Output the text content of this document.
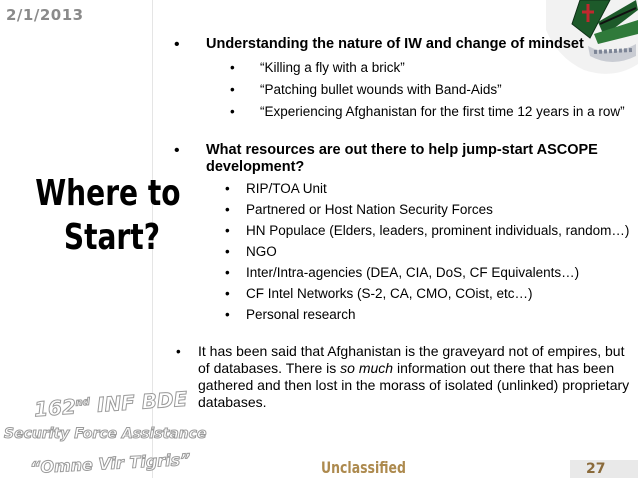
2/1/2013
Where to
Start?
162nd INF BDE
Security Force Assistance
“Omne Vir Tigris”
• Understanding the nature of IW and change of mindset
• “Killing a fly with a brick”
• “Patching bullet wounds with Band-Aids”
• “Experiencing Afghanistan for the first time 12 years in a row”
• What resources are out there to help jump-start ASCOPE development?
• RIP/TOA Unit
• Partnered or Host Nation Security Forces
• HN Populace (Elders, leaders, prominent individuals, random…)
• NGO
• Inter/Intra-agencies (DEA, CIA, DoS, CF Equivalents…)
• CF Intel Networks (S-2, CA, CMO, COist, etc…)
• Personal research
• It has been said that Afghanistan is the graveyard not of empires, but of databases. There is so much information out there that has been gathered and then lost in the morass of isolated (unlinked) proprietary databases.
Unclassified	27
